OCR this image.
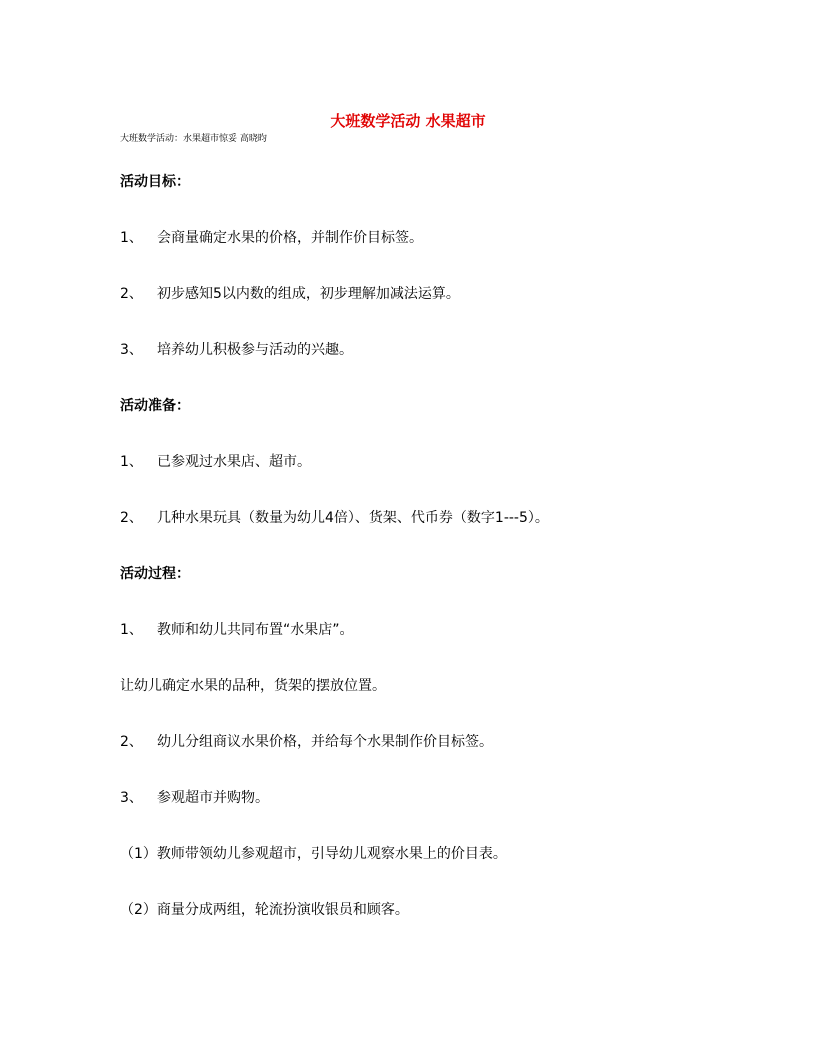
大班数学活动 水果超市
大班数学活动：水果超市惊妥 高晓昀
活动目标：
1、 会商量确定水果的价格，并制作价目标签。
2、 初步感知5以内数的组成，初步理解加减法运算。
3、 培养幼儿积极参与活动的兴趣。
活动准备：
1、 已参观过水果店、超市。
2、 几种水果玩具（数量为幼儿4倍）、货架、代币券（数字1---5）。
活动过程：
1、 教师和幼儿共同布置“水果店”。
让幼儿确定水果的品种，货架的摆放位置。
2、 幼儿分组商议水果价格，并给每个水果制作价目标签。
3、 参观超市并购物。
（1）教师带领幼儿参观超市，引导幼儿观察水果上的价目表。
（2）商量分成两组，轮流扮演收银员和顾客。
